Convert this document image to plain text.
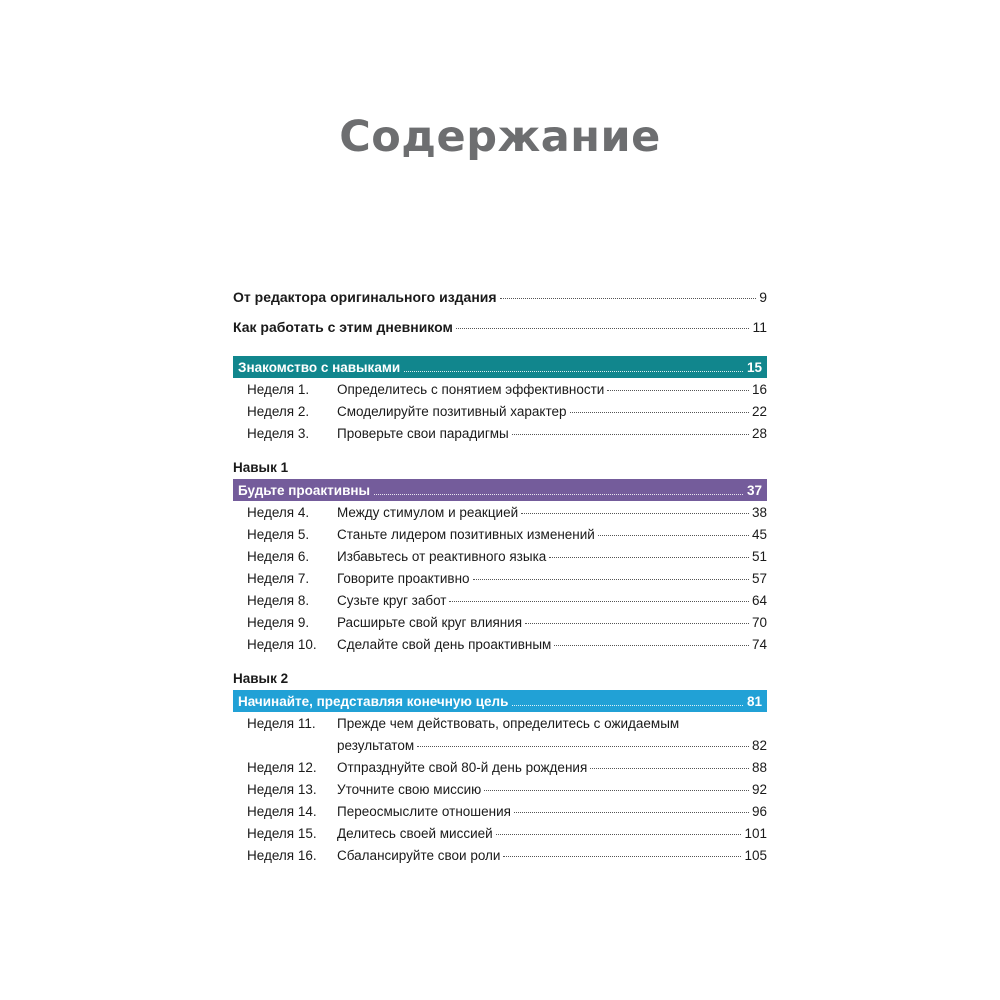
Содержание
От редактора оригинального издания	9
Как работать с этим дневником	11
Знакомство с навыками	15
Неделя 1.	Определитесь с понятием эффективности	16
Неделя 2.	Смоделируйте позитивный характер	22
Неделя 3.	Проверьте свои парадигмы	28
Навык 1
Будьте проактивны	37
Неделя 4.	Между стимулом и реакцией	38
Неделя 5.	Станьте лидером позитивных изменений	45
Неделя 6.	Избавьтесь от реактивного языка	51
Неделя 7.	Говорите проактивно	57
Неделя 8.	Сузьте круг забот	64
Неделя 9.	Расширьте свой круг влияния	70
Неделя 10.	Сделайте свой день проактивным	74
Навык 2
Начинайте, представляя конечную цель	81
Неделя 11.	Прежде чем действовать, определитесь с ожидаемым
результатом	82
Неделя 12.	Отпразднуйте свой 80-й день рождения	88
Неделя 13.	Уточните свою миссию	92
Неделя 14.	Переосмыслите отношения	96
Неделя 15.	Делитесь своей миссией	101
Неделя 16.	Сбалансируйте свои роли	105
